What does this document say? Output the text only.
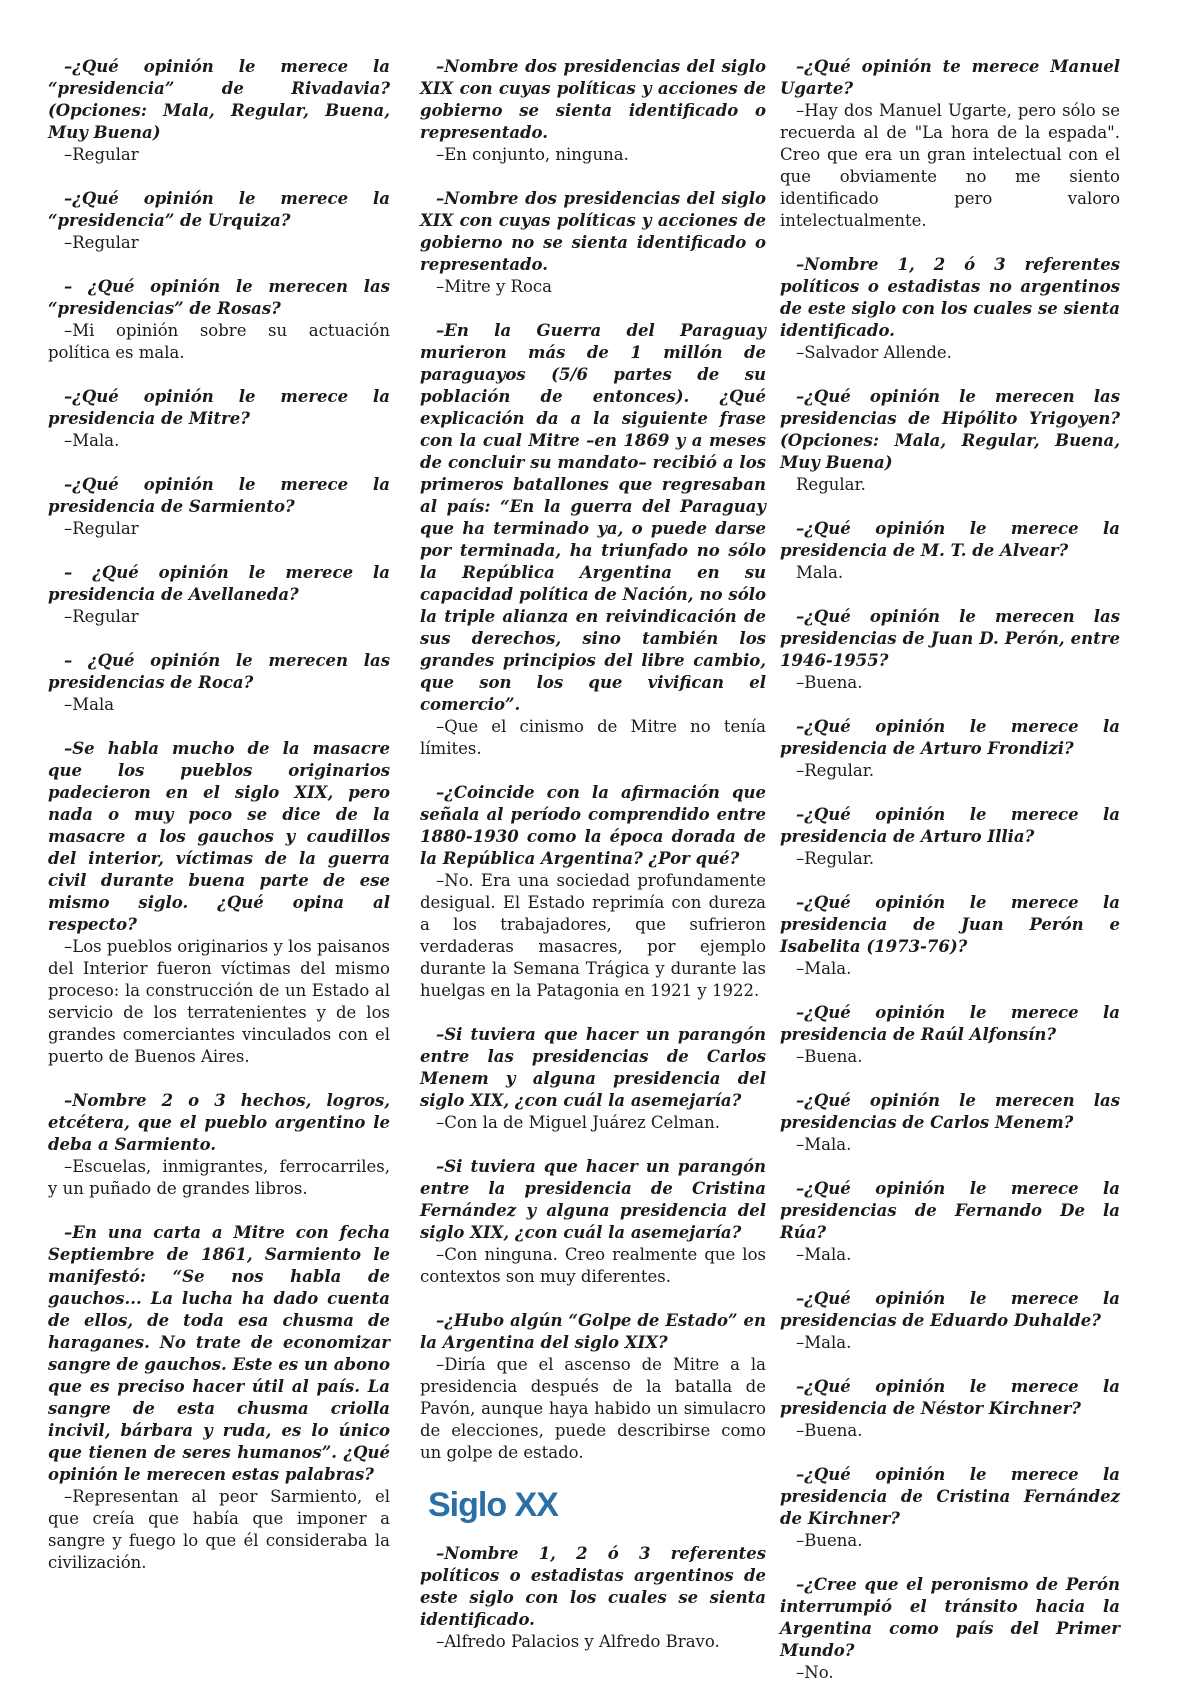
–¿Qué opinión le merece la “presidencia” de Rivadavia? (Opciones: Mala, Regular, Buena, Muy Buena)

–Regular

–¿Qué opinión le merece la “presidencia” de Urquiza?

–Regular

– ¿Qué opinión le merecen las “presidencias” de Rosas?

–Mi opinión sobre su actuación política es mala.

–¿Qué opinión le merece la presidencia de Mitre?

–Mala.

–¿Qué opinión le merece la presidencia de Sarmiento?

–Regular

– ¿Qué opinión le merece la presidencia de Avellaneda?

–Regular

– ¿Qué opinión le merecen las presidencias de Roca?

–Mala

–Se habla mucho de la masacre que los pueblos originarios padecieron en el siglo XIX, pero nada o muy poco se dice de la masacre a los gauchos y caudillos del interior, víctimas de la guerra civil durante buena parte de ese mismo siglo. ¿Qué opina al respecto?

–Los pueblos originarios y los paisanos del Interior fueron víctimas del mismo proceso: la construcción de un Estado al servicio de los terratenientes y de los grandes comerciantes vinculados con el puerto de Buenos Aires.

–Nombre 2 o 3 hechos, logros, etcétera, que el pueblo argentino le deba a Sarmiento.

–Escuelas, inmigrantes, ferrocarriles, y un puñado de grandes libros.

–En una carta a Mitre con fecha Septiembre de 1861, Sarmiento le manifestó: “Se nos habla de gauchos... La lucha ha dado cuenta de ellos, de toda esa chusma de haraganes. No trate de economizar sangre de gauchos. Este es un abono que es preciso hacer útil al país. La sangre de esta chusma criolla incivil, bárbara y ruda, es lo único que tienen de seres humanos”. ¿Qué opinión le merecen estas palabras?

–Representan al peor Sarmiento, el que creía que había que imponer a sangre y fuego lo que él consideraba la civilización.

–Nombre dos presidencias del siglo XIX con cuyas políticas y acciones de gobierno se sienta identificado o representado.

–En conjunto, ninguna.

–Nombre dos presidencias del siglo XIX con cuyas políticas y acciones de gobierno no se sienta identificado o representado.

–Mitre y Roca

–En la Guerra del Paraguay murieron más de 1 millón de paraguayos (5/6 partes de su población de entonces). ¿Qué explicación da a la siguiente frase con la cual Mitre –en 1869 y a meses de concluir su mandato– recibió a los primeros batallones que regresaban al país: “En la guerra del Paraguay que ha terminado ya, o puede darse por terminada, ha triunfado no sólo la República Argentina en su capacidad política de Nación, no sólo la triple alianza en reivindicación de sus derechos, sino también los grandes principios del libre cambio, que son los que vivifican el comercio”.

–Que el cinismo de Mitre no tenía límites.

–¿Coincide con la afirmación que señala al período comprendido entre 1880-1930 como la época dorada de la República Argentina? ¿Por qué?

–No. Era una sociedad profundamente desigual. El Estado reprimía con dureza a los trabajadores, que sufrieron verdaderas masacres, por ejemplo durante la Semana Trágica y durante las huelgas en la Patagonia en 1921 y 1922.

–Si tuviera que hacer un parangón entre las presidencias de Carlos Menem y alguna presidencia del siglo XIX, ¿con cuál la asemejaría?

–Con la de Miguel Juárez Celman.

–Si tuviera que hacer un parangón entre la presidencia de Cristina Fernández y alguna presidencia del siglo XIX, ¿con cuál la asemejaría?

–Con ninguna. Creo realmente que los contextos son muy diferentes.

–¿Hubo algún “Golpe de Estado” en la Argentina del siglo XIX?

–Diría que el ascenso de Mitre a la presidencia después de la batalla de Pavón, aunque haya habido un simulacro de elecciones, puede describirse como un golpe de estado.

Siglo XX

–Nombre 1, 2 ó 3 referentes políticos o estadistas argentinos de este siglo con los cuales se sienta identificado.

–Alfredo Palacios y Alfredo Bravo.

–¿Qué opinión te merece Manuel Ugarte?

–Hay dos Manuel Ugarte, pero sólo se recuerda al de "La hora de la espada". Creo que era un gran intelectual con el que obviamente no me siento identificado pero valoro intelectualmente.

–Nombre 1, 2 ó 3 referentes políticos o estadistas no argentinos de este siglo con los cuales se sienta identificado.

–Salvador Allende.

–¿Qué opinión le merecen las presidencias de Hipólito Yrigoyen? (Opciones: Mala, Regular, Buena, Muy Buena)

Regular.

–¿Qué opinión le merece la presidencia de M. T. de Alvear?

Mala.

–¿Qué opinión le merecen las presidencias de Juan D. Perón, entre 1946-1955?

–Buena.

–¿Qué opinión le merece la presidencia de Arturo Frondizi?

–Regular.

–¿Qué opinión le merece la presidencia de Arturo Illia?

–Regular.

–¿Qué opinión le merece la presidencia de Juan Perón e Isabelita (1973-76)?

–Mala.

–¿Qué opinión le merece la presidencia de Raúl Alfonsín?

–Buena.

–¿Qué opinión le merecen las presidencias de Carlos Menem?

–Mala.

–¿Qué opinión le merece la presidencias de Fernando De la Rúa?

–Mala.

–¿Qué opinión le merece la presidencias de Eduardo Duhalde?

–Mala.

–¿Qué opinión le merece la presidencia de Néstor Kirchner?

–Buena.

–¿Qué opinión le merece la presidencia de Cristina Fernández de Kirchner?

–Buena.

–¿Cree que el peronismo de Perón interrumpió el tránsito hacia la Argentina como país del Primer Mundo?

–No.
